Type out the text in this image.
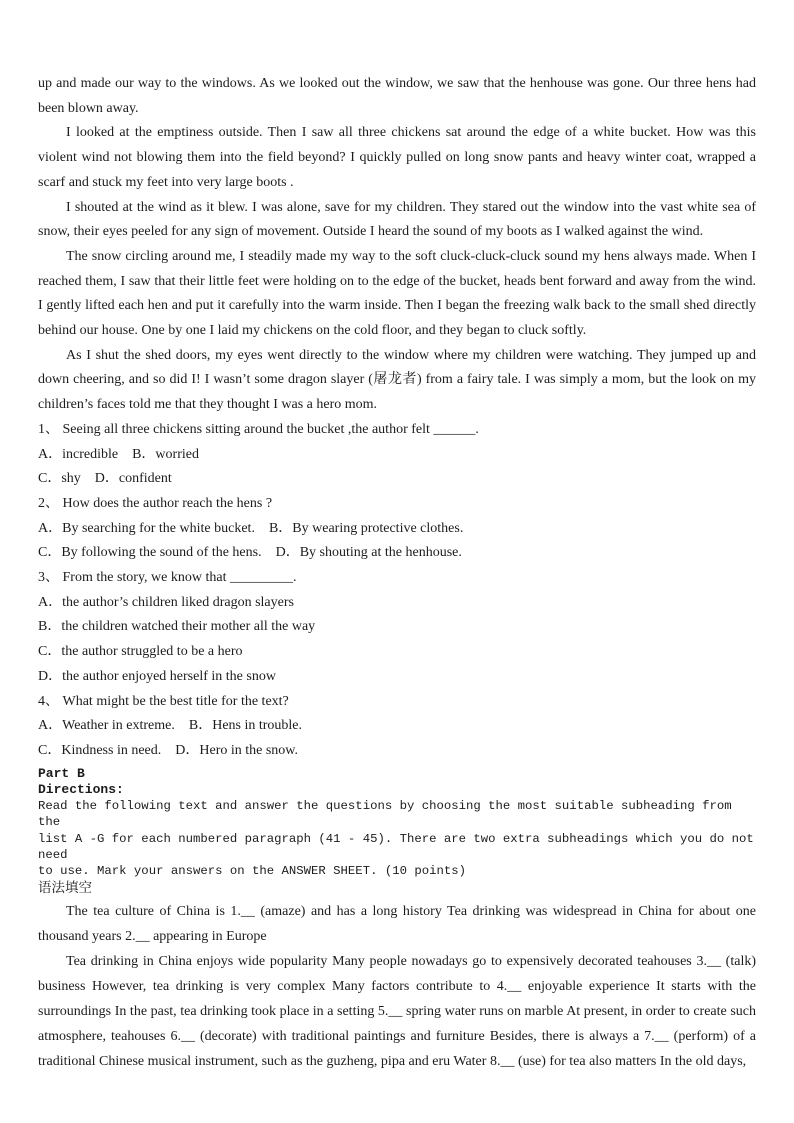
up and made our way to the windows. As we looked out the window, we saw that the henhouse was gone. Our three hens had been blown away.

I looked at the emptiness outside. Then I saw all three chickens sat around the edge of a white bucket. How was this violent wind not blowing them into the field beyond? I quickly pulled on long snow pants and heavy winter coat, wrapped a scarf and stuck my feet into very large boots .

I shouted at the wind as it blew. I was alone, save for my children. They stared out the window into the vast white sea of snow, their eyes peeled for any sign of movement. Outside I heard the sound of my boots as I walked against the wind.

The snow circling around me, I steadily made my way to the soft cluck-cluck-cluck sound my hens always made. When I reached them, I saw that their little feet were holding on to the edge of the bucket, heads bent forward and away from the wind. I gently lifted each hen and put it carefully into the warm inside. Then I began the freezing walk back to the small shed directly behind our house. One by one I laid my chickens on the cold floor, and they began to cluck softly.

As I shut the shed doors, my eyes went directly to the window where my children were watching. They jumped up and down cheering, and so did I! I wasn’t some dragon slayer (屠龙者) from a fairy tale. I was simply a mom, but the look on my children’s faces told me that they thought I was a hero mom.

1、 Seeing all three chickens sitting around the bucket ,the author felt ______.

A．incredible    B．worried

C．shy    D．confident

2、 How does the author reach the hens ?

A．By searching for the white bucket.    B．By wearing protective clothes.

C．By following the sound of the hens.    D．By shouting at the henhouse.

3、 From the story, we know that _________.

A．the author’s children liked dragon slayers

B．the children watched their mother all the way

C．the author struggled to be a hero

D．the author enjoyed herself in the snow

4、 What might be the best title for the text?

A．Weather in extreme.    B．Hens in trouble.

C．Kindness in need.    D．Hero in the snow.

Part B

Directions:

Read the following text and answer the questions by choosing the most suitable subheading from the

list A -G for each numbered paragraph (41 - 45). There are two extra subheadings which you do not need

to use. Mark your answers on the ANSWER SHEET. (10 points)

语法填空

The tea culture of China is 1.__ (amaze) and has a long history Tea drinking was widespread in China for about one thousand years 2.__ appearing in Europe

Tea drinking in China enjoys wide popularity Many people nowadays go to expensively decorated teahouses 3.__ (talk) business However, tea drinking is very complex Many factors contribute to 4.__ enjoyable experience It starts with the surroundings In the past, tea drinking took place in a setting 5.__ spring water runs on marble At present, in order to create such atmosphere, teahouses 6.__ (decorate) with traditional paintings and furniture Besides, there is always a 7.__ (perform) of a traditional Chinese musical instrument, such as the guzheng, pipa and eru Water 8.__ (use) for tea also matters In the old days,
